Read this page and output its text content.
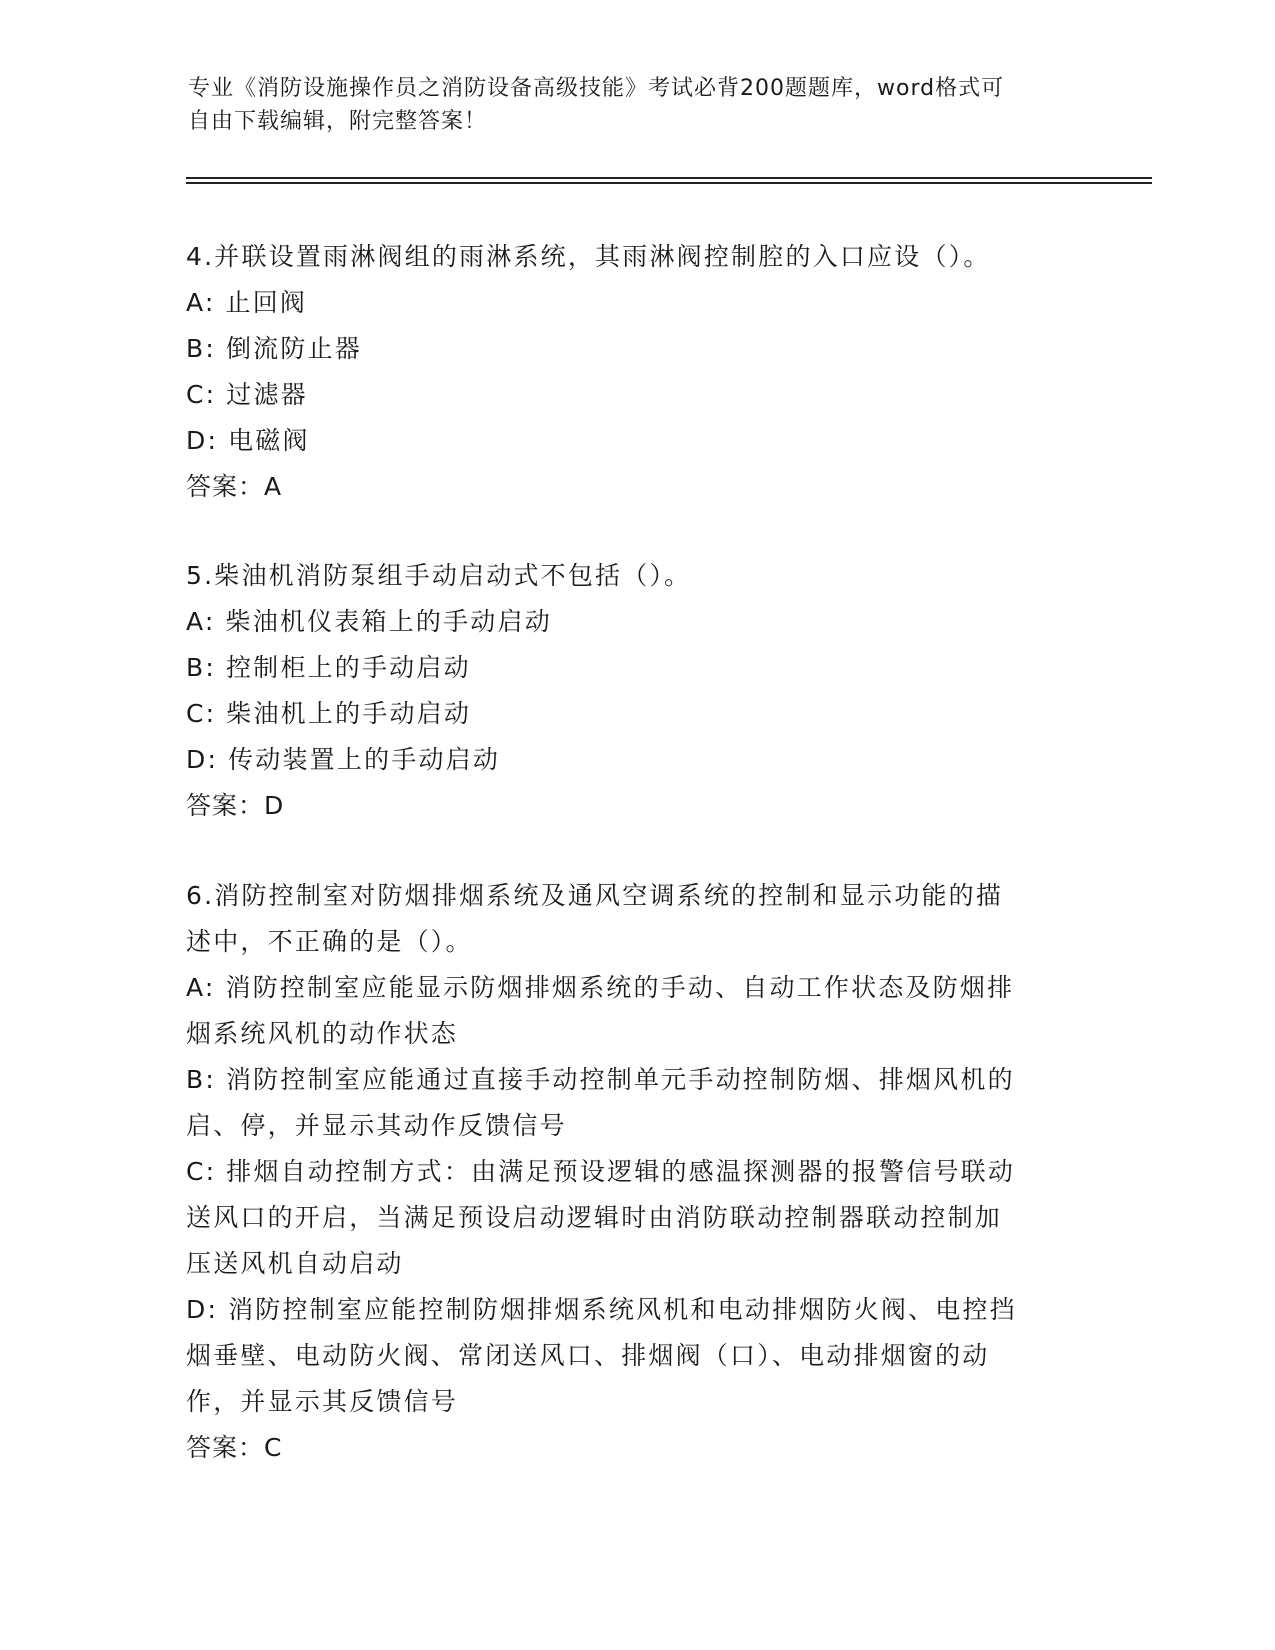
专业《消防设施操作员之消防设备高级技能》考试必背200题题库，word格式可
自由下载编辑，附完整答案！
4.并联设置雨淋阀组的雨淋系统，其雨淋阀控制腔的入口应设（）。
A: 止回阀
B: 倒流防止器
C: 过滤器
D: 电磁阀
答案：A
5.柴油机消防泵组手动启动式不包括（）。
A: 柴油机仪表箱上的手动启动
B: 控制柜上的手动启动
C: 柴油机上的手动启动
D: 传动装置上的手动启动
答案：D
6.消防控制室对防烟排烟系统及通风空调系统的控制和显示功能的描
述中，不正确的是（）。
A: 消防控制室应能显示防烟排烟系统的手动、自动工作状态及防烟排
烟系统风机的动作状态
B: 消防控制室应能通过直接手动控制单元手动控制防烟、排烟风机的
启、停，并显示其动作反馈信号
C: 排烟自动控制方式：由满足预设逻辑的感温探测器的报警信号联动
送风口的开启，当满足预设启动逻辑时由消防联动控制器联动控制加
压送风机自动启动
D: 消防控制室应能控制防烟排烟系统风机和电动排烟防火阀、电控挡
烟垂壁、电动防火阀、常闭送风口、排烟阀（口）、电动排烟窗的动
作，并显示其反馈信号
答案：C
